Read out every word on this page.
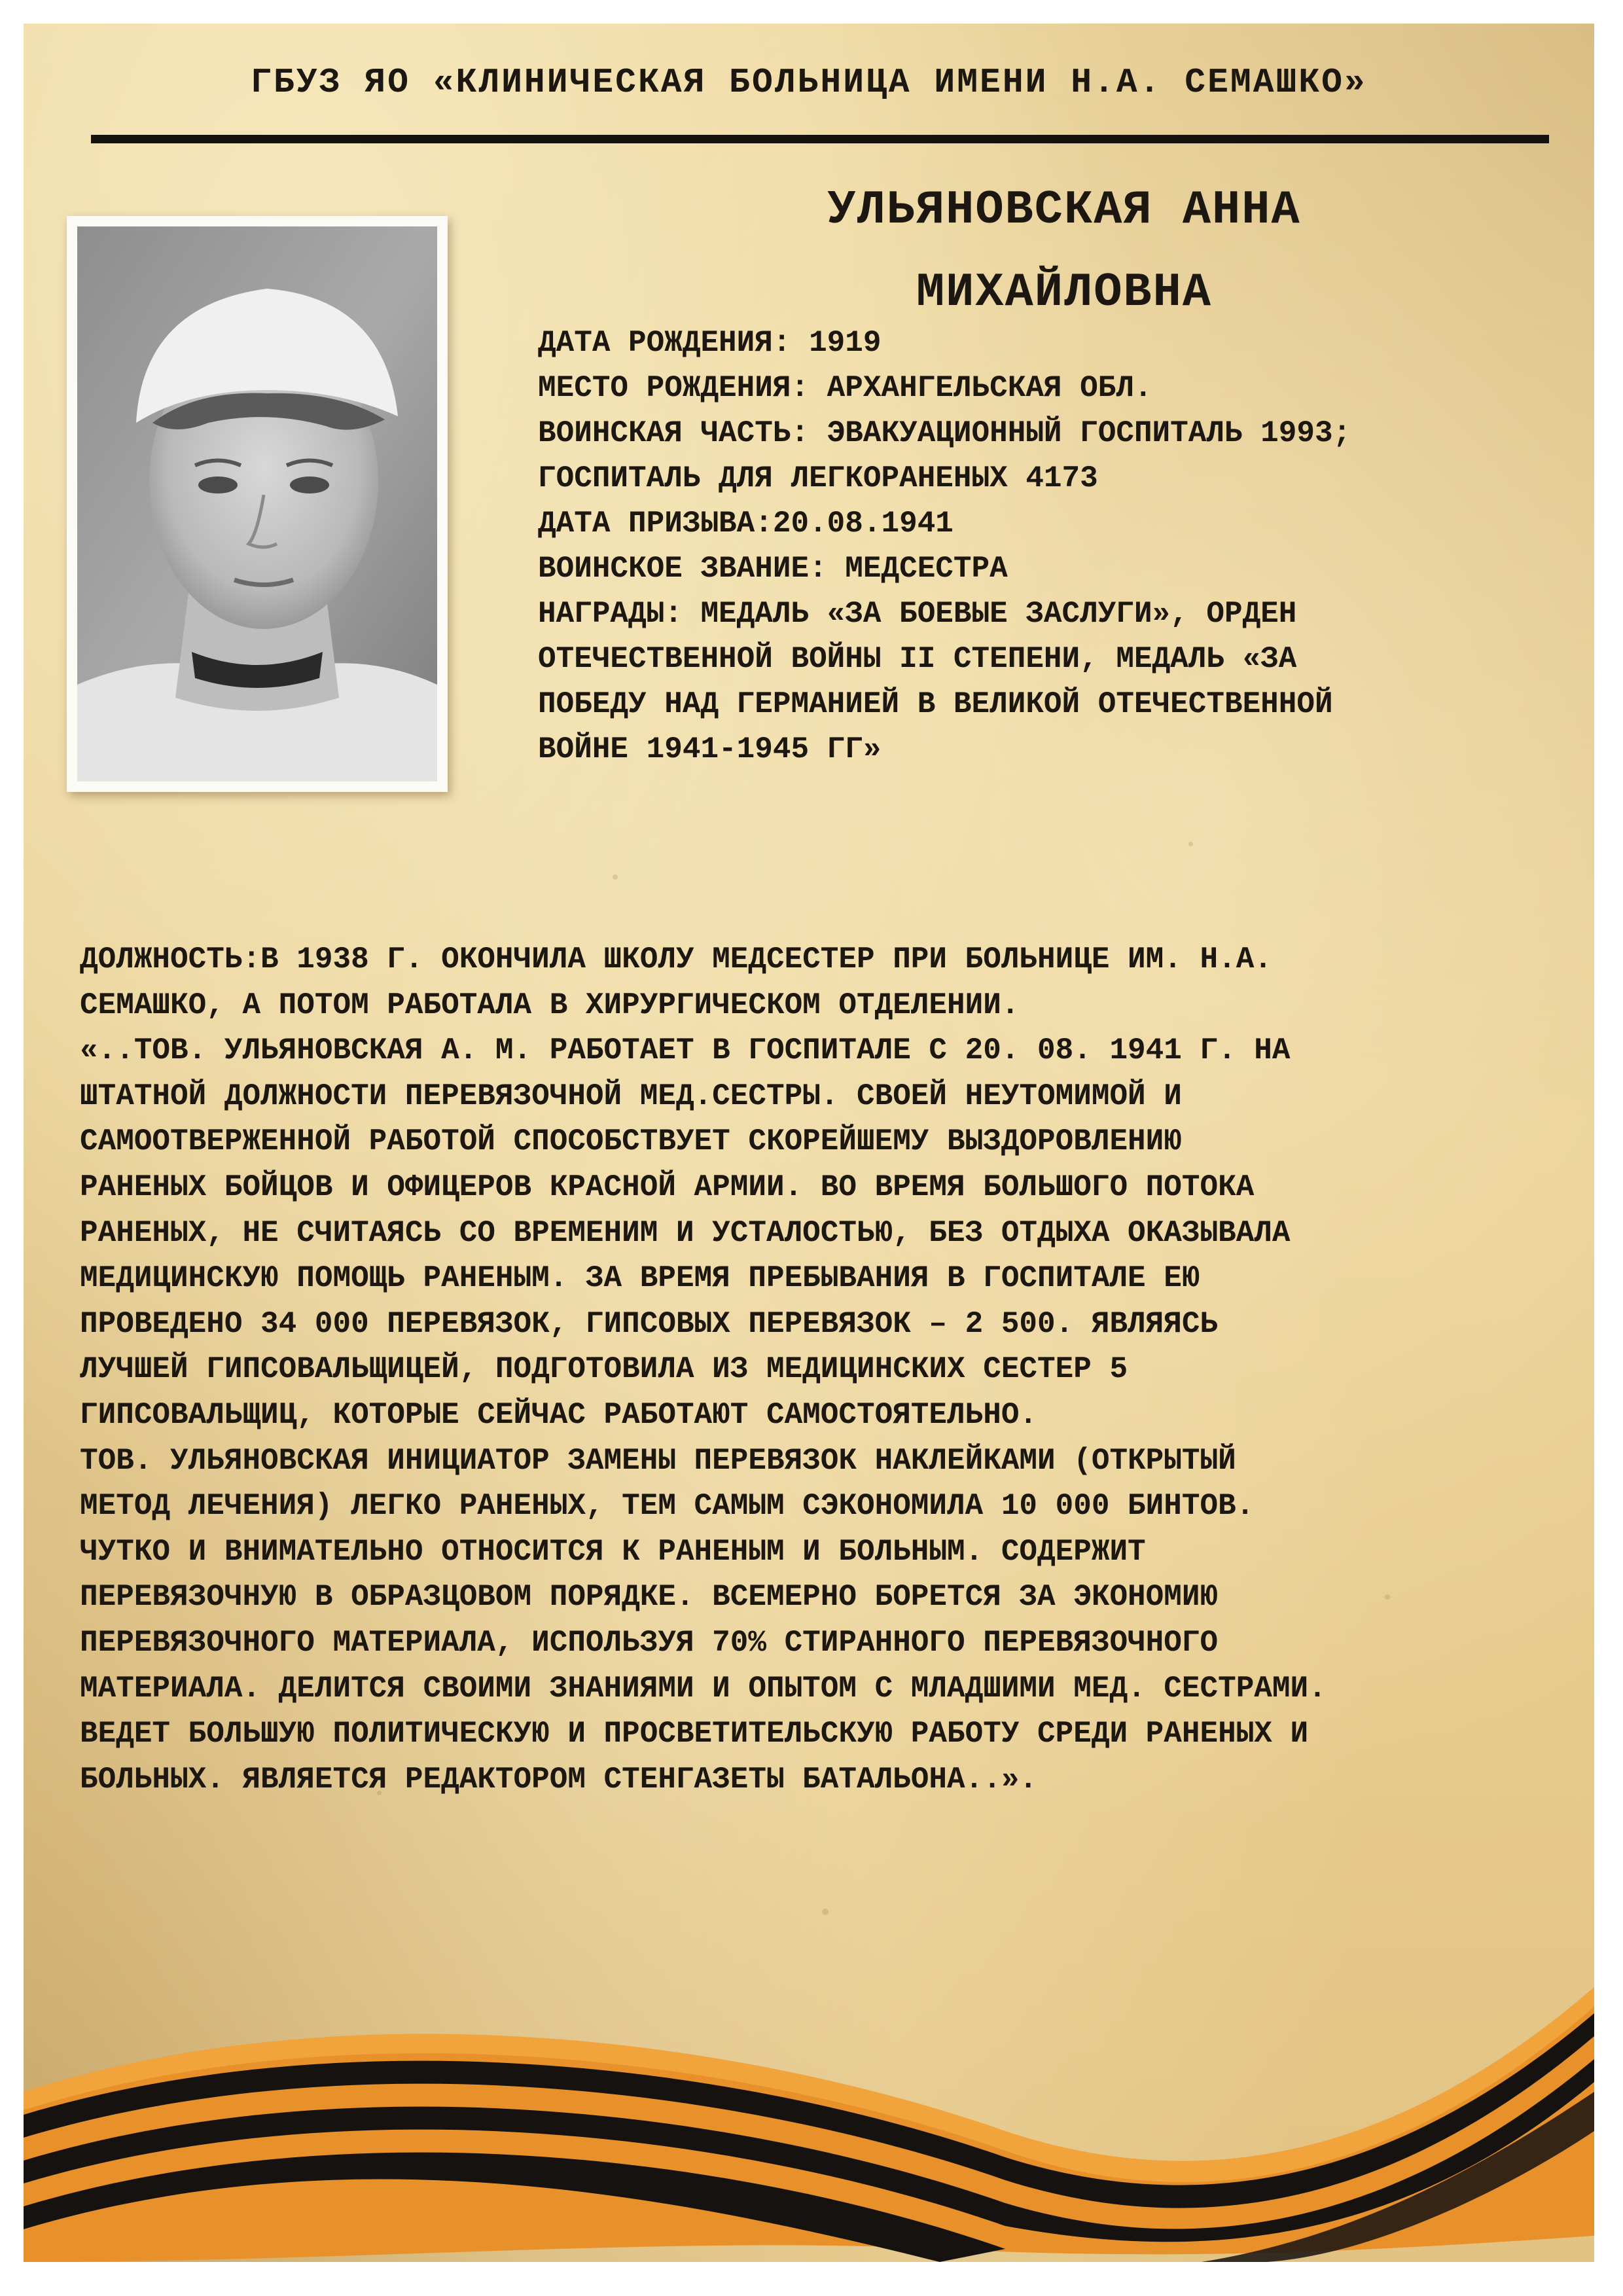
ГБУЗ ЯО «КЛИНИЧЕСКАЯ БОЛЬНИЦА ИМЕНИ Н.А. СЕМАШКО»
УЛЬЯНОВСКАЯ АННА
МИХАЙЛОВНА
ДАТА РОЖДЕНИЯ: 1919
МЕСТО РОЖДЕНИЯ: АРХАНГЕЛЬСКАЯ ОБЛ.
ВОИНСКАЯ ЧАСТЬ: ЭВАКУАЦИОННЫЙ ГОСПИТАЛЬ 1993;
ГОСПИТАЛЬ ДЛЯ ЛЕГКОРАНЕНЫХ 4173
ДАТА ПРИЗЫВА:20.08.1941
ВОИНСКОЕ ЗВАНИЕ: МЕДСЕСТРА
НАГРАДЫ: МЕДАЛЬ «ЗА БОЕВЫЕ ЗАСЛУГИ», ОРДЕН
ОТЕЧЕСТВЕННОЙ ВОЙНЫ II СТЕПЕНИ, МЕДАЛЬ «ЗА
ПОБЕДУ НАД ГЕРМАНИЕЙ В ВЕЛИКОЙ ОТЕЧЕСТВЕННОЙ
ВОЙНЕ 1941-1945 ГГ»
ДОЛЖНОСТЬ:В 1938 Г. ОКОНЧИЛА ШКОЛУ МЕДСЕСТЕР ПРИ БОЛЬНИЦЕ ИМ. Н.А.
СЕМАШКО, А ПОТОМ РАБОТАЛА В ХИРУРГИЧЕСКОМ ОТДЕЛЕНИИ.
«..ТОВ. УЛЬЯНОВСКАЯ А. М. РАБОТАЕТ В ГОСПИТАЛЕ С 20. 08. 1941 Г. НА
ШТАТНОЙ ДОЛЖНОСТИ ПЕРЕВЯЗОЧНОЙ МЕД.СЕСТРЫ. СВОЕЙ НЕУТОМИМОЙ И
САМООТВЕРЖЕННОЙ РАБОТОЙ СПОСОБСТВУЕТ СКОРЕЙШЕМУ ВЫЗДОРОВЛЕНИЮ
РАНЕНЫХ БОЙЦОВ И ОФИЦЕРОВ КРАСНОЙ АРМИИ. ВО ВРЕМЯ БОЛЬШОГО ПОТОКА
РАНЕНЫХ, НЕ СЧИТАЯСЬ СО ВРЕМЕНИМ И УСТАЛОСТЬЮ, БЕЗ ОТДЫХА ОКАЗЫВАЛА
МЕДИЦИНСКУЮ ПОМОЩЬ РАНЕНЫМ. ЗА ВРЕМЯ ПРЕБЫВАНИЯ В ГОСПИТАЛЕ ЕЮ
ПРОВЕДЕНО 34 000 ПЕРЕВЯЗОК, ГИПСОВЫХ ПЕРЕВЯЗОК – 2 500. ЯВЛЯЯСЬ
ЛУЧШЕЙ ГИПСОВАЛЬЩИЦЕЙ, ПОДГОТОВИЛА ИЗ МЕДИЦИНСКИХ СЕСТЕР 5
ГИПСОВАЛЬЩИЦ, КОТОРЫЕ СЕЙЧАС РАБОТАЮТ САМОСТОЯТЕЛЬНО.
ТОВ. УЛЬЯНОВСКАЯ ИНИЦИАТОР ЗАМЕНЫ ПЕРЕВЯЗОК НАКЛЕЙКАМИ (ОТКРЫТЫЙ
МЕТОД ЛЕЧЕНИЯ) ЛЕГКО РАНЕНЫХ, ТЕМ САМЫМ СЭКОНОМИЛА 10 000 БИНТОВ.
ЧУТКО И ВНИМАТЕЛЬНО ОТНОСИТСЯ К РАНЕНЫМ И БОЛЬНЫМ. СОДЕРЖИТ
ПЕРЕВЯЗОЧНУЮ В ОБРАЗЦОВОМ ПОРЯДКЕ. ВСЕМЕРНО БОРЕТСЯ ЗА ЭКОНОМИЮ
ПЕРЕВЯЗОЧНОГО МАТЕРИАЛА, ИСПОЛЬЗУЯ 70% СТИРАННОГО ПЕРЕВЯЗОЧНОГО
МАТЕРИАЛА. ДЕЛИТСЯ СВОИМИ ЗНАНИЯМИ И ОПЫТОМ С МЛАДШИМИ МЕД. СЕСТРАМИ.
ВЕДЕТ БОЛЬШУЮ ПОЛИТИЧЕСКУЮ И ПРОСВЕТИТЕЛЬСКУЮ РАБОТУ СРЕДИ РАНЕНЫХ И
БОЛЬНЫХ. ЯВЛЯЕТСЯ РЕДАКТОРОМ СТЕНГАЗЕТЫ БАТАЛЬОНА..».
